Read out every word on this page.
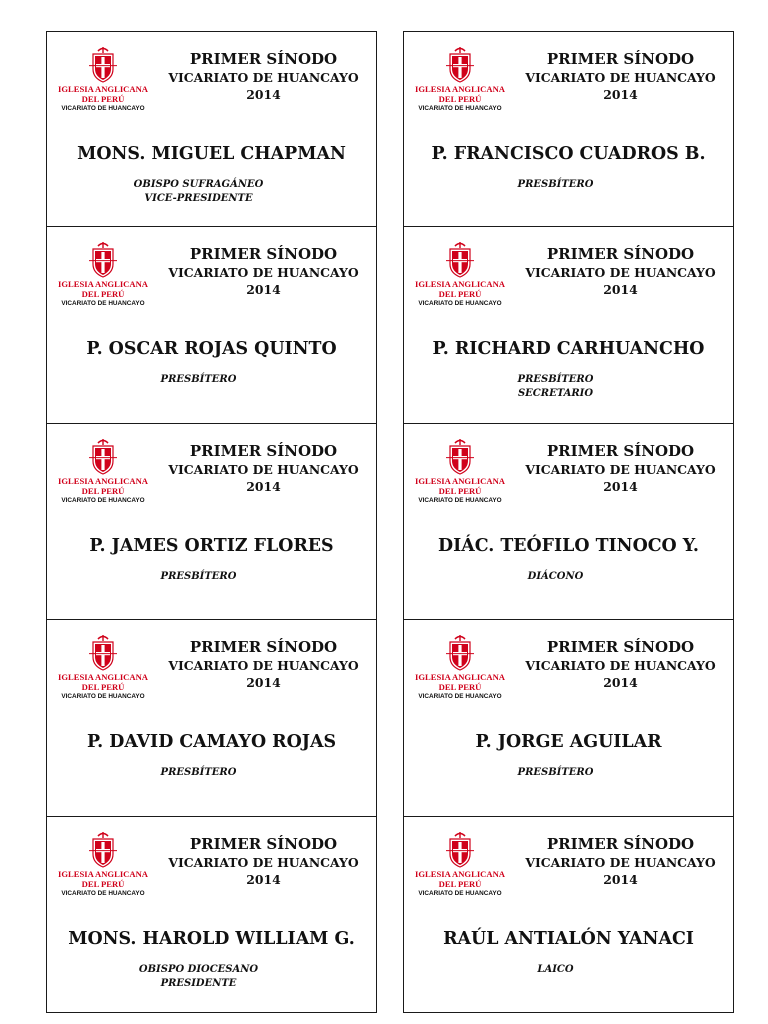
IGLESIA ANGLICANA
DEL PERÚ
VICARIATO DE HUANCAYO
PRIMER SÍNODO
VICARIATO DE HUANCAYO
2014
MONS. MIGUEL CHAPMAN
OBISPO SUFRAGÁNEO
VICE-PRESIDENTE
IGLESIA ANGLICANA
DEL PERÚ
VICARIATO DE HUANCAYO
PRIMER SÍNODO
VICARIATO DE HUANCAYO
2014
P. FRANCISCO CUADROS B.
PRESBÍTERO
IGLESIA ANGLICANA
DEL PERÚ
VICARIATO DE HUANCAYO
PRIMER SÍNODO
VICARIATO DE HUANCAYO
2014
P. OSCAR ROJAS QUINTO
PRESBÍTERO
IGLESIA ANGLICANA
DEL PERÚ
VICARIATO DE HUANCAYO
PRIMER SÍNODO
VICARIATO DE HUANCAYO
2014
P. RICHARD CARHUANCHO
PRESBÍTERO
SECRETARIO
IGLESIA ANGLICANA
DEL PERÚ
VICARIATO DE HUANCAYO
PRIMER SÍNODO
VICARIATO DE HUANCAYO
2014
P. JAMES ORTIZ FLORES
PRESBÍTERO
IGLESIA ANGLICANA
DEL PERÚ
VICARIATO DE HUANCAYO
PRIMER SÍNODO
VICARIATO DE HUANCAYO
2014
DIÁC. TEÓFILO TINOCO Y.
DIÁCONO
IGLESIA ANGLICANA
DEL PERÚ
VICARIATO DE HUANCAYO
PRIMER SÍNODO
VICARIATO DE HUANCAYO
2014
P. DAVID CAMAYO ROJAS
PRESBÍTERO
IGLESIA ANGLICANA
DEL PERÚ
VICARIATO DE HUANCAYO
PRIMER SÍNODO
VICARIATO DE HUANCAYO
2014
P. JORGE AGUILAR
PRESBÍTERO
IGLESIA ANGLICANA
DEL PERÚ
VICARIATO DE HUANCAYO
PRIMER SÍNODO
VICARIATO DE HUANCAYO
2014
MONS. HAROLD WILLIAM G.
OBISPO DIOCESANO
PRESIDENTE
IGLESIA ANGLICANA
DEL PERÚ
VICARIATO DE HUANCAYO
PRIMER SÍNODO
VICARIATO DE HUANCAYO
2014
RAÚL ANTIALÓN YANACI
LAICO
